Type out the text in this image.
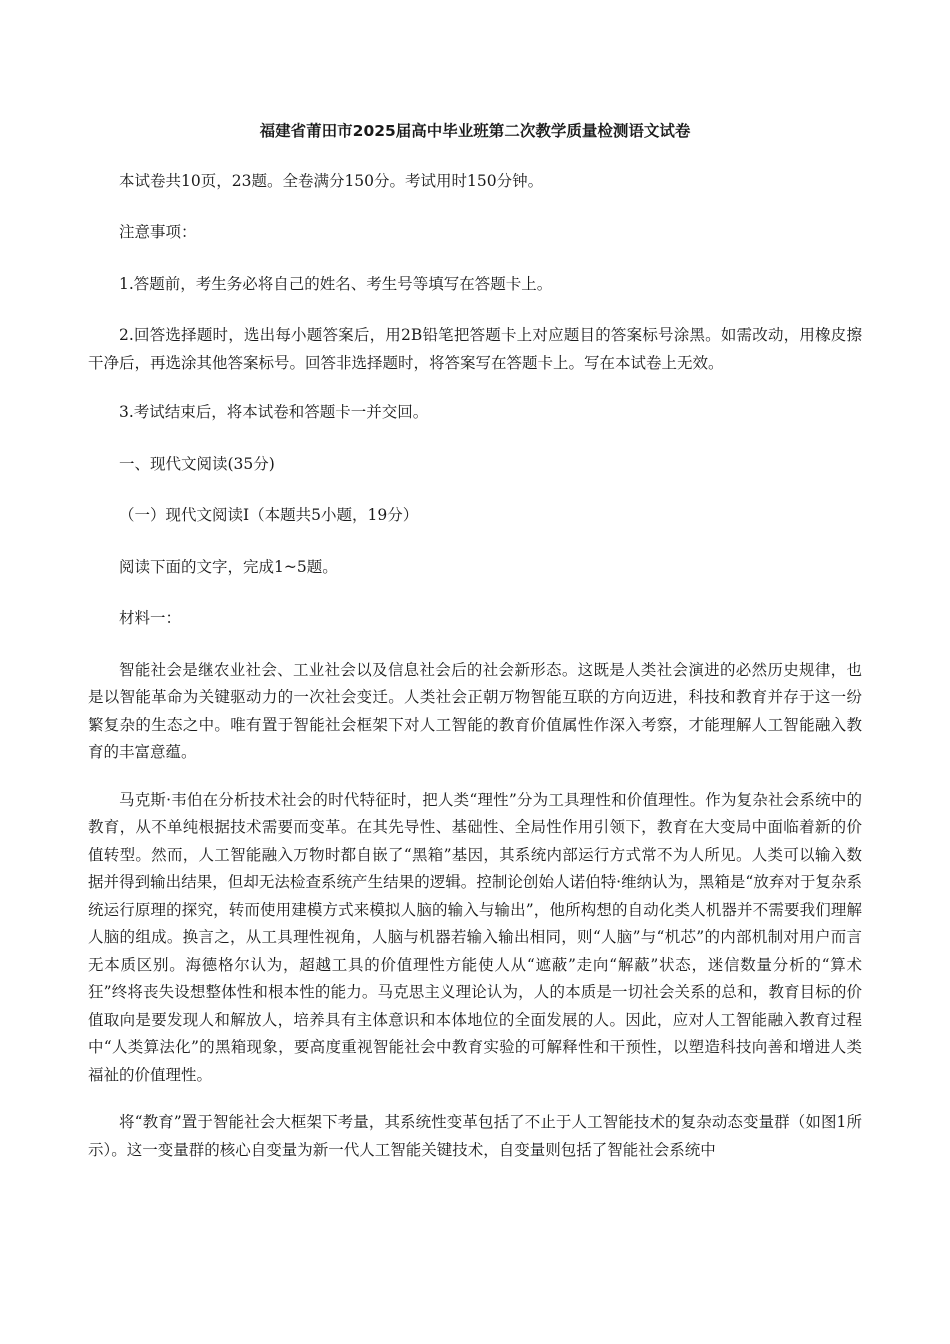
福建省莆田市2025届高中毕业班第二次教学质量检测语文试卷
本试卷共10页，23题。全卷满分150分。考试用时150分钟。
注意事项：
1.答题前，考生务必将自己的姓名、考生号等填写在答题卡上。
2.回答选择题时，选出每小题答案后，用2B铅笔把答题卡上对应题目的答案标号涂黑。如需改动，用橡皮擦干净后，再选涂其他答案标号。回答非选择题时，将答案写在答题卡上。写在本试卷上无效。
3.考试结束后，将本试卷和答题卡一并交回。
一、现代文阅读(35分)
（一）现代文阅读Ⅰ（本题共5小题，19分）
阅读下面的文字，完成1~5题。
材料一：
智能社会是继农业社会、工业社会以及信息社会后的社会新形态。这既是人类社会演进的必然历史规律，也是以智能革命为关键驱动力的一次社会变迁。人类社会正朝万物智能互联的方向迈进，科技和教育并存于这一纷繁复杂的生态之中。唯有置于智能社会框架下对人工智能的教育价值属性作深入考察，才能理解人工智能融入教育的丰富意蕴。
马克斯·韦伯在分析技术社会的时代特征时，把人类“理性”分为工具理性和价值理性。作为复杂社会系统中的教育，从不单纯根据技术需要而变革。在其先导性、基础性、全局性作用引领下，教育在大变局中面临着新的价值转型。然而，人工智能融入万物时都自嵌了“黑箱”基因，其系统内部运行方式常不为人所见。人类可以输入数据并得到输出结果，但却无法检查系统产生结果的逻辑。控制论创始人诺伯特·维纳认为，黑箱是“放弃对于复杂系统运行原理的探究，转而使用建模方式来模拟人脑的输入与输出”，他所构想的自动化类人机器并不需要我们理解人脑的组成。换言之，从工具理性视角，人脑与机器若输入输出相同，则“人脑”与“机芯”的内部机制对用户而言无本质区别。海德格尔认为，超越工具的价值理性方能使人从“遮蔽”走向“解蔽”状态，迷信数量分析的“算术狂”终将丧失设想整体性和根本性的能力。马克思主义理论认为，人的本质是一切社会关系的总和，教育目标的价值取向是要发现人和解放人，培养具有主体意识和本体地位的全面发展的人。因此，应对人工智能融入教育过程中“人类算法化”的黑箱现象，要高度重视智能社会中教育实验的可解释性和干预性，以塑造科技向善和增进人类福祉的价值理性。
将“教育”置于智能社会大框架下考量，其系统性变革包括了不止于人工智能技术的复杂动态变量群（如图1所示）。这一变量群的核心自变量为新一代人工智能关键技术，自变量则包括了智能社会系统中
